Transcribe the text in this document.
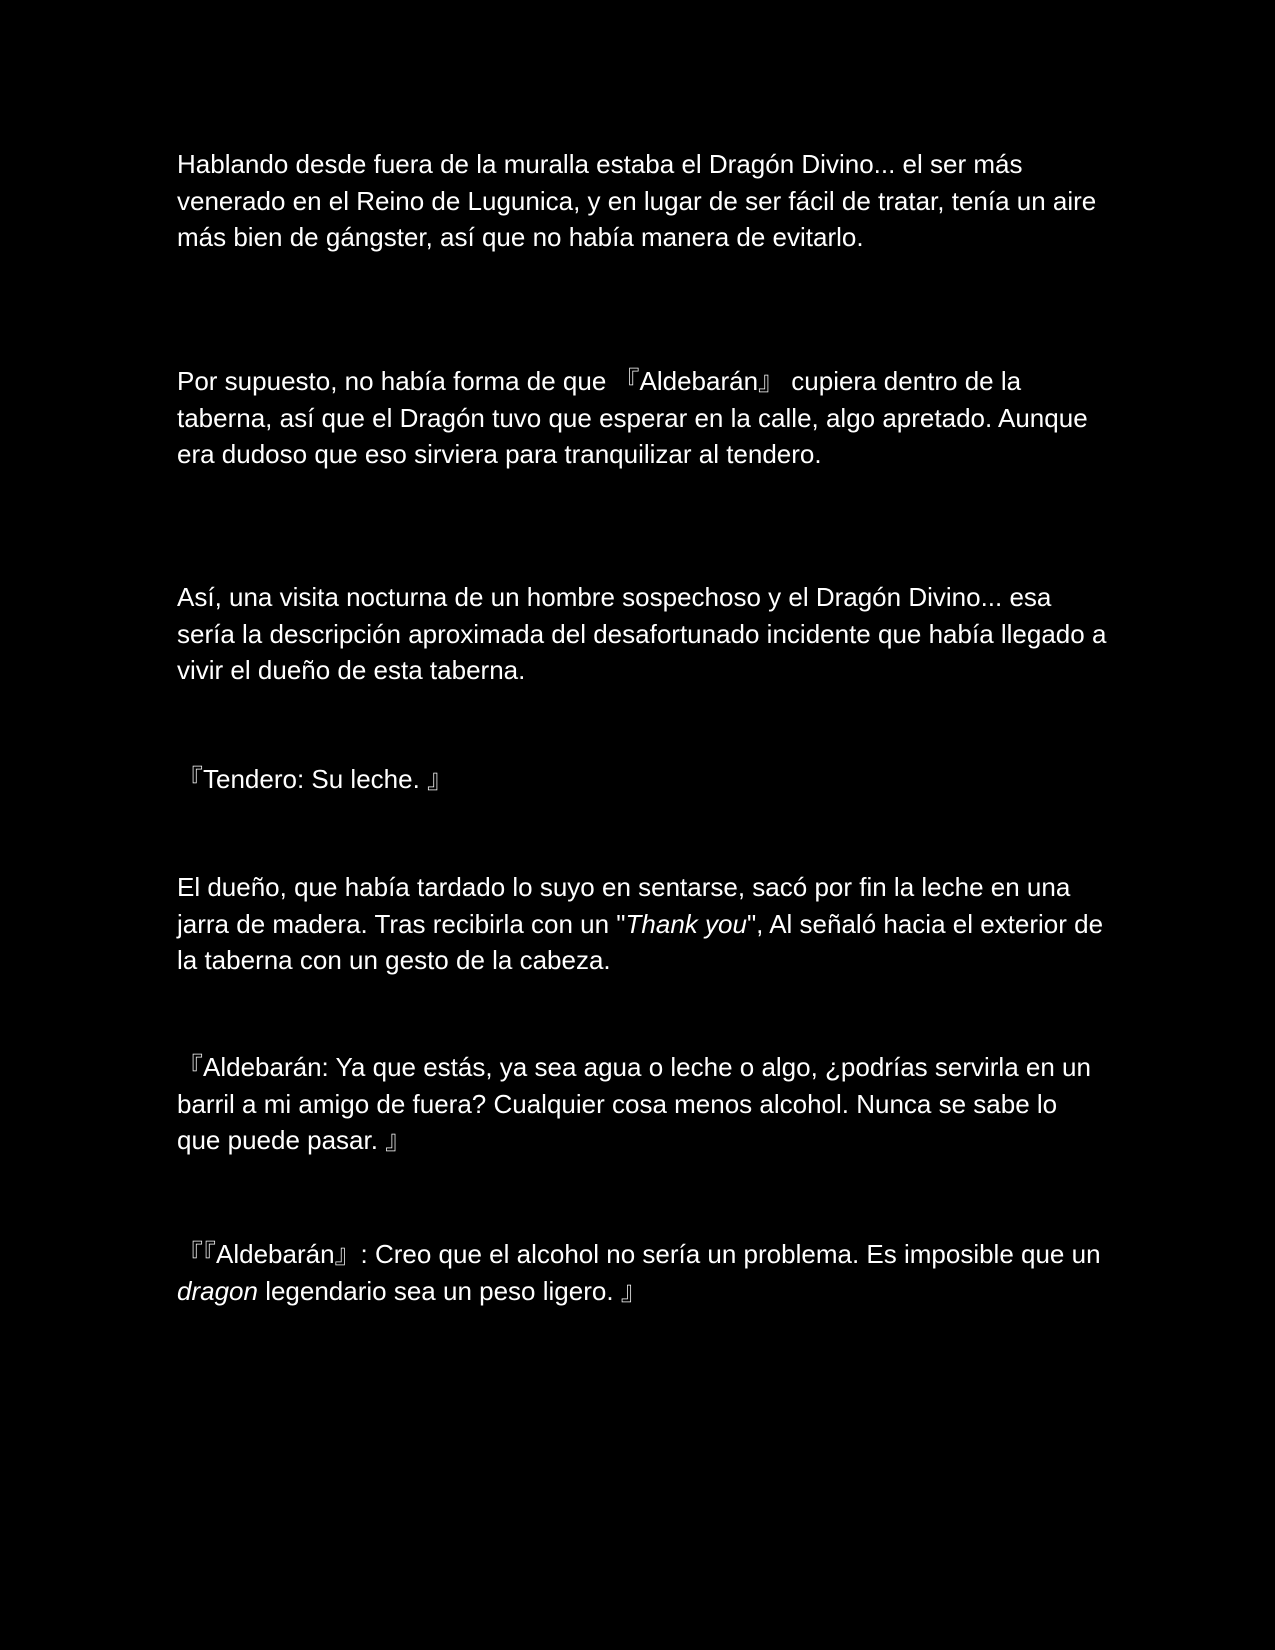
Hablando desde fuera de la muralla estaba el Dragón Divino... el ser más venerado en el Reino de Lugunica, y en lugar de ser fácil de tratar, tenía un aire más bien de gángster, así que no había manera de evitarlo.

Por supuesto, no había forma de que 『Aldebarán』 cupiera dentro de la taberna, así que el Dragón tuvo que esperar en la calle, algo apretado. Aunque era dudoso que eso sirviera para tranquilizar al tendero.

Así, una visita nocturna de un hombre sospechoso y el Dragón Divino... esa sería la descripción aproximada del desafortunado incidente que había llegado a vivir el dueño de esta taberna.

『Tendero: Su leche. 』

El dueño, que había tardado lo suyo en sentarse, sacó por fin la leche en una jarra de madera. Tras recibirla con un "Thank you", Al señaló hacia el exterior de la taberna con un gesto de la cabeza.

『Aldebarán: Ya que estás, ya sea agua o leche o algo, ¿podrías servirla en un barril a mi amigo de fuera? Cualquier cosa menos alcohol. Nunca se sabe lo que puede pasar. 』

『『Aldebarán』: Creo que el alcohol no sería un problema. Es imposible que un dragon legendario sea un peso ligero. 』
